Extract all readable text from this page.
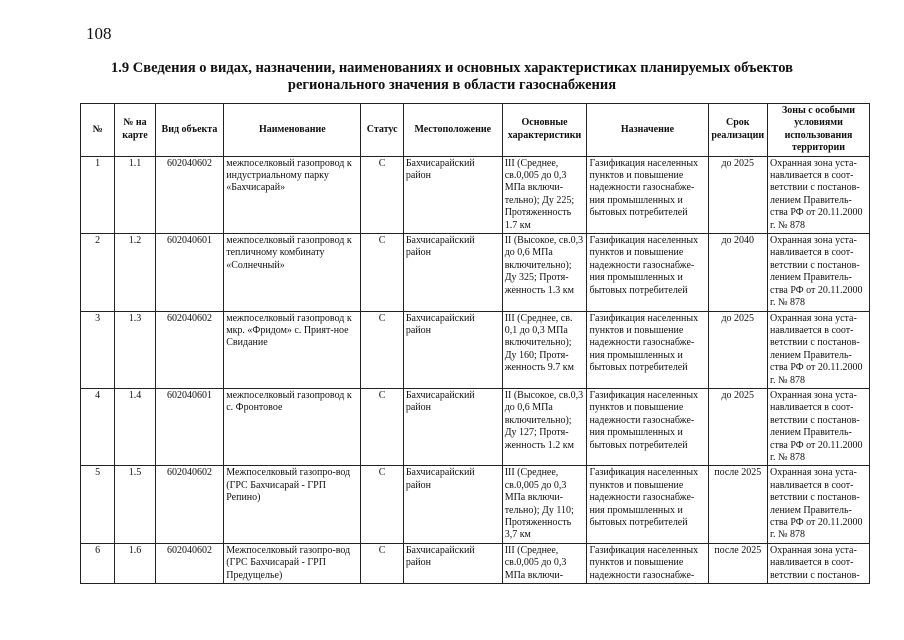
108
1.9 Сведения о видах, назначении, наименованиях и основных характеристиках планируемых объектов
регионального значения в области газоснабжения
№	№ на карте	Вид объекта	Наименование	Статус	Местоположение	Основные характеристики	Назначение	Срок реализации	Зоны с особыми условиями использования территории
1	1.1	602040602	межпоселковый газопровод к индустриальному парку «Бахчисарай»	С	Бахчисарайский район	III (Среднее, св.0,005 до 0,3 МПа включи-тельно); Ду 225; Протяженность 1.7 км	Газификация населенных пунктов и повышение надежности газоснабже-ния промышленных и бытовых потребителей	до 2025	Охранная зона уста-навливается в соот-ветствии с постанов-лением Правитель-ства РФ от 20.11.2000 г. № 878
2	1.2	602040601	межпоселковый газопровод к тепличному комбинату «Солнечный»	С	Бахчисарайский район	II (Высокое, св.0,3 до 0,6 МПа включительно); Ду 325; Протя-женность 1.3 км	Газификация населенных пунктов и повышение надежности газоснабже-ния промышленных и бытовых потребителей	до 2040	Охранная зона уста-навливается в соот-ветствии с постанов-лением Правитель-ства РФ от 20.11.2000 г. № 878
3	1.3	602040602	межпоселковый газопровод к мкр. «Фридом» с. Прият-ное Свидание	С	Бахчисарайский район	III (Среднее, св. 0,1 до 0,3 МПа включительно); Ду 160; Протя-женность 9.7 км	Газификация населенных пунктов и повышение надежности газоснабже-ния промышленных и бытовых потребителей	до 2025	Охранная зона уста-навливается в соот-ветствии с постанов-лением Правитель-ства РФ от 20.11.2000 г. № 878
4	1.4	602040601	межпоселковый газопровод к с. Фронтовое	С	Бахчисарайский район	II (Высокое, св.0,3 до 0,6 МПа включительно); Ду 127; Протя-женность 1.2 км	Газификация населенных пунктов и повышение надежности газоснабже-ния промышленных и бытовых потребителей	до 2025	Охранная зона уста-навливается в соот-ветствии с постанов-лением Правитель-ства РФ от 20.11.2000 г. № 878
5	1.5	602040602	Межпоселковый газопро-вод (ГРС Бахчисарай - ГРП Репино)	С	Бахчисарайский район	III (Среднее, св.0,005 до 0,3 МПа включи-тельно); Ду 110; Протяженность 3,7 км	Газификация населенных пунктов и повышение надежности газоснабже-ния промышленных и бытовых потребителей	после 2025	Охранная зона уста-навливается в соот-ветствии с постанов-лением Правитель-ства РФ от 20.11.2000 г. № 878
6	1.6	602040602	Межпоселковый газопро-вод (ГРС Бахчисарай - ГРП Предущелье)	С	Бахчисарайский район	III (Среднее, св.0,005 до 0,3 МПа включи-	Газификация населенных пунктов и повышение надежности газоснабже-	после 2025	Охранная зона уста-навливается в соот-ветствии с постанов-
